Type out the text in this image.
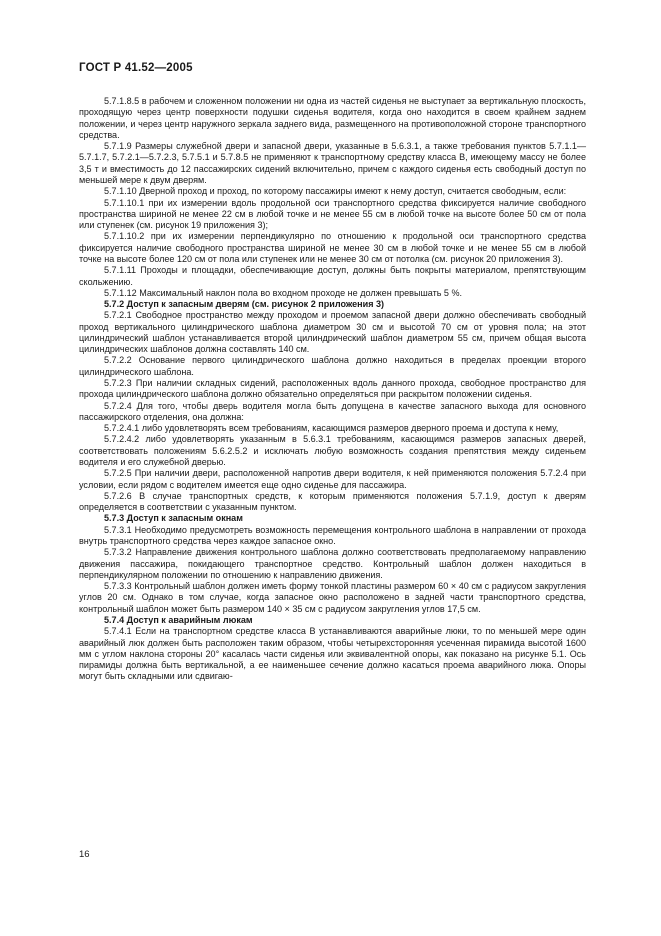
ГОСТ Р 41.52—2005

5.7.1.8.5 в рабочем и сложенном положении ни одна из частей сиденья не выступает за вертикальную плоскость, проходящую через центр поверхности подушки сиденья водителя, когда оно находится в своем крайнем заднем положении, и через центр наружного зеркала заднего вида, размещенного на противоположной стороне транспортного средства.

5.7.1.9 Размеры служебной двери и запасной двери, указанные в 5.6.3.1, а также требования пунктов 5.7.1.1—5.7.1.7, 5.7.2.1—5.7.2.3, 5.7.5.1 и 5.7.8.5 не применяют к транспортному средству класса В, имеющему массу не более 3,5 т и вместимость до 12 пассажирских сидений включительно, причем с каждого сиденья есть свободный доступ по меньшей мере к двум дверям.

5.7.1.10 Дверной проход и проход, по которому пассажиры имеют к нему доступ, считается свободным, если:

5.7.1.10.1 при их измерении вдоль продольной оси транспортного средства фиксируется наличие свободного пространства шириной не менее 22 см в любой точке и не менее 55 см в любой точке на высоте более 50 см от пола или ступенек (см. рисунок 19 приложения 3);

5.7.1.10.2 при их измерении перпендикулярно по отношению к продольной оси транспортного средства фиксируется наличие свободного пространства шириной не менее 30 см в любой точке и не менее 55 см в любой точке на высоте более 120 см от пола или ступенек или не менее 30 см от потолка (см. рисунок 20 приложения 3).

5.7.1.11 Проходы и площадки, обеспечивающие доступ, должны быть покрыты материалом, препятствующим скольжению.

5.7.1.12 Максимальный наклон пола во входном проходе не должен превышать 5 %.

5.7.2 Доступ к запасным дверям (см. рисунок 2 приложения 3)

5.7.2.1 Свободное пространство между проходом и проемом запасной двери должно обеспечивать свободный проход вертикального цилиндрического шаблона диаметром 30 см и высотой 70 см от уровня пола; на этот цилиндрический шаблон устанавливается второй цилиндрический шаблон диаметром 55 см, причем общая высота цилиндрических шаблонов должна составлять 140 см.

5.7.2.2 Основание первого цилиндрического шаблона должно находиться в пределах проекции второго цилиндрического шаблона.

5.7.2.3 При наличии складных сидений, расположенных вдоль данного прохода, свободное пространство для прохода цилиндрического шаблона должно обязательно определяться при раскрытом положении сиденья.

5.7.2.4 Для того, чтобы дверь водителя могла быть допущена в качестве запасного выхода для основного пассажирского отделения, она должна:

5.7.2.4.1 либо удовлетворять всем требованиям, касающимся размеров дверного проема и доступа к нему,

5.7.2.4.2 либо удовлетворять указанным в 5.6.3.1 требованиям, касающимся размеров запасных дверей, соответствовать положениям 5.6.2.5.2 и исключать любую возможность создания препятствия между сиденьем водителя и его служебной дверью.

5.7.2.5 При наличии двери, расположенной напротив двери водителя, к ней применяются положения 5.7.2.4 при условии, если рядом с водителем имеется еще одно сиденье для пассажира.

5.7.2.6 В случае транспортных средств, к которым применяются положения 5.7.1.9, доступ к дверям определяется в соответствии с указанным пунктом.

5.7.3 Доступ к запасным окнам

5.7.3.1 Необходимо предусмотреть возможность перемещения контрольного шаблона в направлении от прохода внутрь транспортного средства через каждое запасное окно.

5.7.3.2 Направление движения контрольного шаблона должно соответствовать предполагаемому направлению движения пассажира, покидающего транспортное средство. Контрольный шаблон должен находиться в перпендикулярном положении по отношению к направлению движения.

5.7.3.3 Контрольный шаблон должен иметь форму тонкой пластины размером 60 × 40 см с радиусом закругления углов 20 см. Однако в том случае, когда запасное окно расположено в задней части транспортного средства, контрольный шаблон может быть размером 140 × 35 см с радиусом закругления углов 17,5 см.

5.7.4 Доступ к аварийным люкам

5.7.4.1 Если на транспортном средстве класса В устанавливаются аварийные люки, то по меньшей мере один аварийный люк должен быть расположен таким образом, чтобы четырехсторонняя усеченная пирамида высотой 1600 мм с углом наклона стороны 20° касалась части сиденья или эквивалентной опоры, как показано на рисунке 5.1. Ось пирамиды должна быть вертикальной, а ее наименьшее сечение должно касаться проема аварийного люка. Опоры могут быть складными или сдвигаю-

16
